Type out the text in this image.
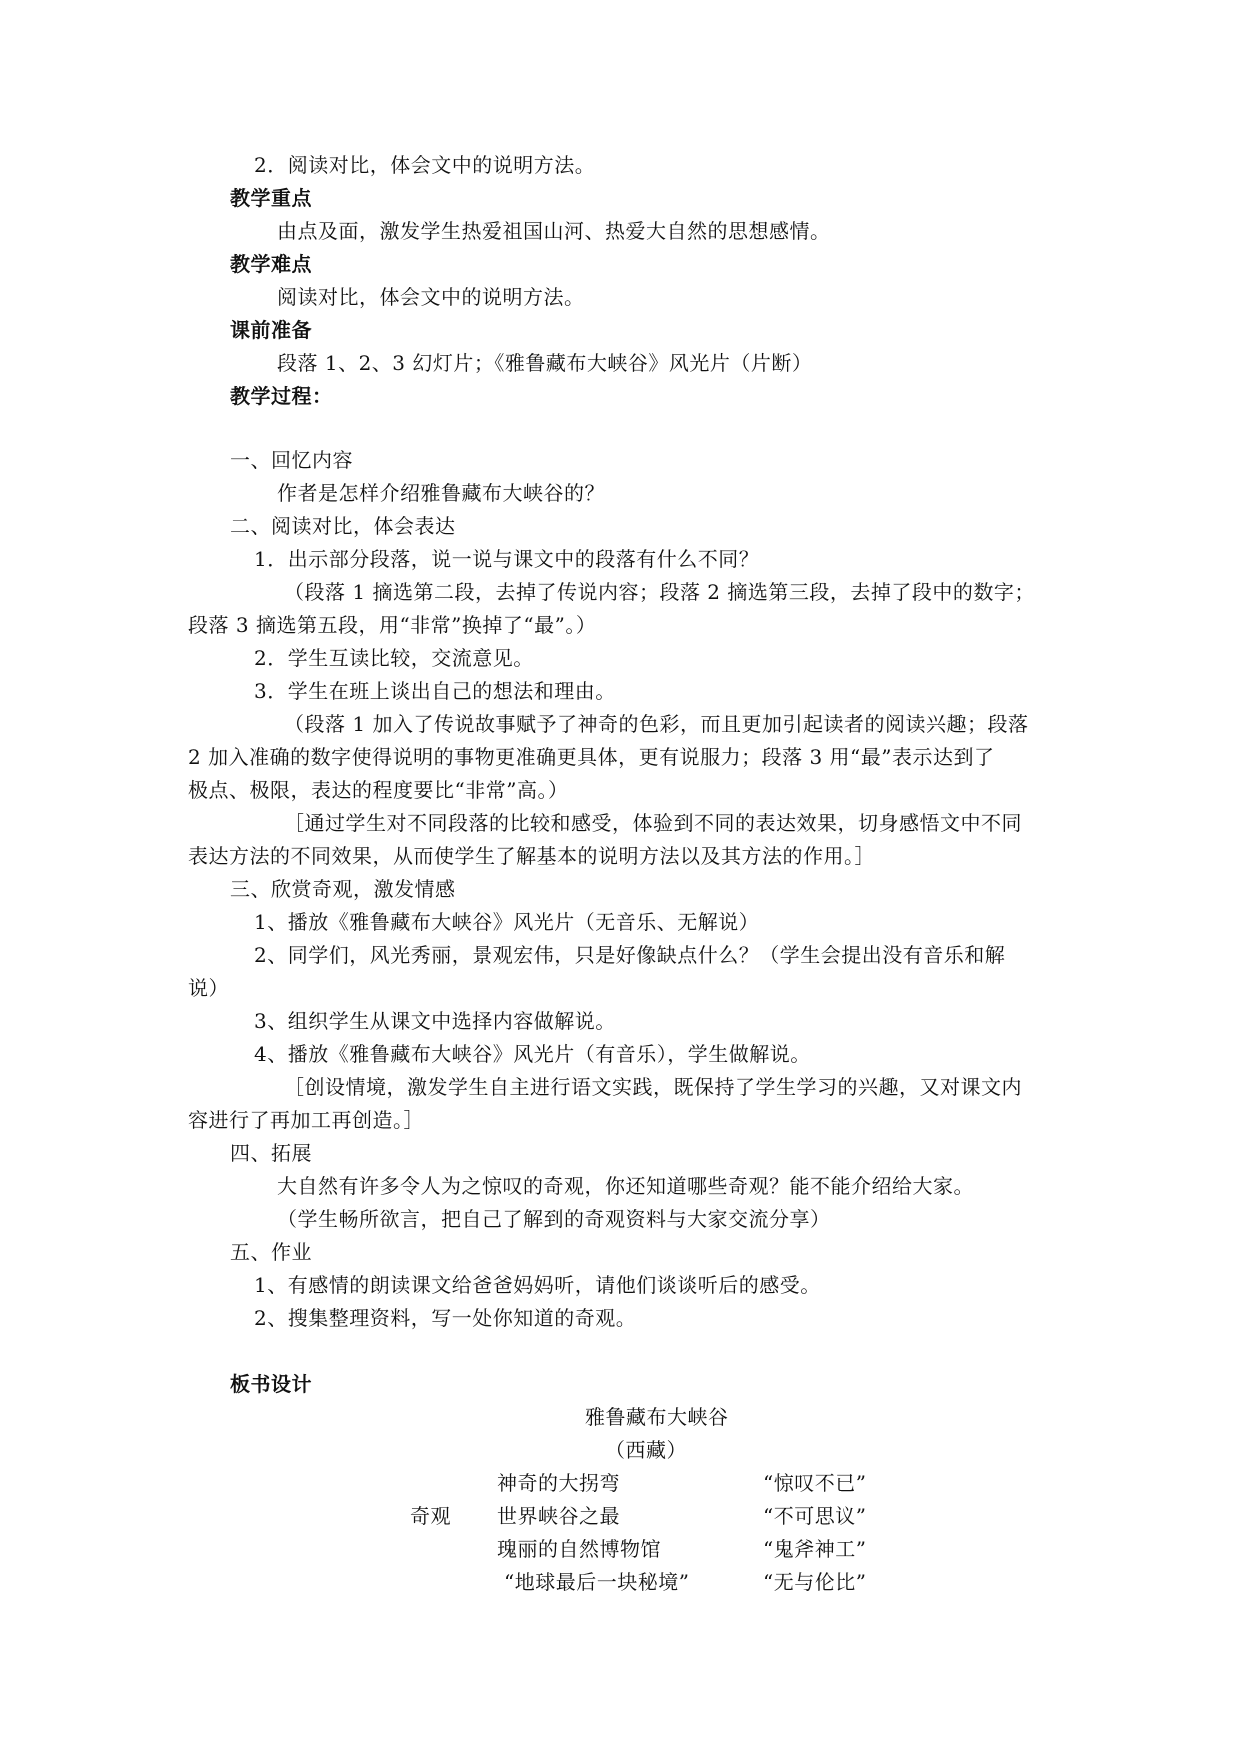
2．阅读对比，体会文中的说明方法。
教学重点
由点及面，激发学生热爱祖国山河、热爱大自然的思想感情。
教学难点
阅读对比，体会文中的说明方法。
课前准备
段落 1、2、3 幻灯片；《雅鲁藏布大峡谷》风光片（片断）
教学过程：
一、回忆内容
作者是怎样介绍雅鲁藏布大峡谷的？
二、阅读对比，体会表达
1．出示部分段落，说一说与课文中的段落有什么不同？
（段落 1 摘选第二段，去掉了传说内容；段落 2 摘选第三段，去掉了段中的数字；
段落 3 摘选第五段，用“非常”换掉了“最”。）
2．学生互读比较，交流意见。
3．学生在班上谈出自己的想法和理由。
（段落 1 加入了传说故事赋予了神奇的色彩，而且更加引起读者的阅读兴趣；段落
2 加入准确的数字使得说明的事物更准确更具体，更有说服力；段落 3 用“最”表示达到了
极点、极限，表达的程度要比“非常”高。）
［通过学生对不同段落的比较和感受，体验到不同的表达效果，切身感悟文中不同
表达方法的不同效果，从而使学生了解基本的说明方法以及其方法的作用。］
三、欣赏奇观，激发情感
1、播放《雅鲁藏布大峡谷》风光片（无音乐、无解说）
2、同学们，风光秀丽，景观宏伟，只是好像缺点什么？（学生会提出没有音乐和解
说）
3、组织学生从课文中选择内容做解说。
4、播放《雅鲁藏布大峡谷》风光片（有音乐），学生做解说。
［创设情境，激发学生自主进行语文实践，既保持了学生学习的兴趣，又对课文内
容进行了再加工再创造。］
四、拓展
大自然有许多令人为之惊叹的奇观，你还知道哪些奇观？能不能介绍给大家。
（学生畅所欲言，把自己了解到的奇观资料与大家交流分享）
五、作业
1、有感情的朗读课文给爸爸妈妈听，请他们谈谈听后的感受。
2、搜集整理资料，写一处你知道的奇观。
板书设计
雅鲁藏布大峡谷
（西藏）
奇观
神奇的大拐弯	“惊叹不已”
世界峡谷之最	“不可思议”
瑰丽的自然博物馆	“鬼斧神工”
“地球最后一块秘境”	“无与伦比”
